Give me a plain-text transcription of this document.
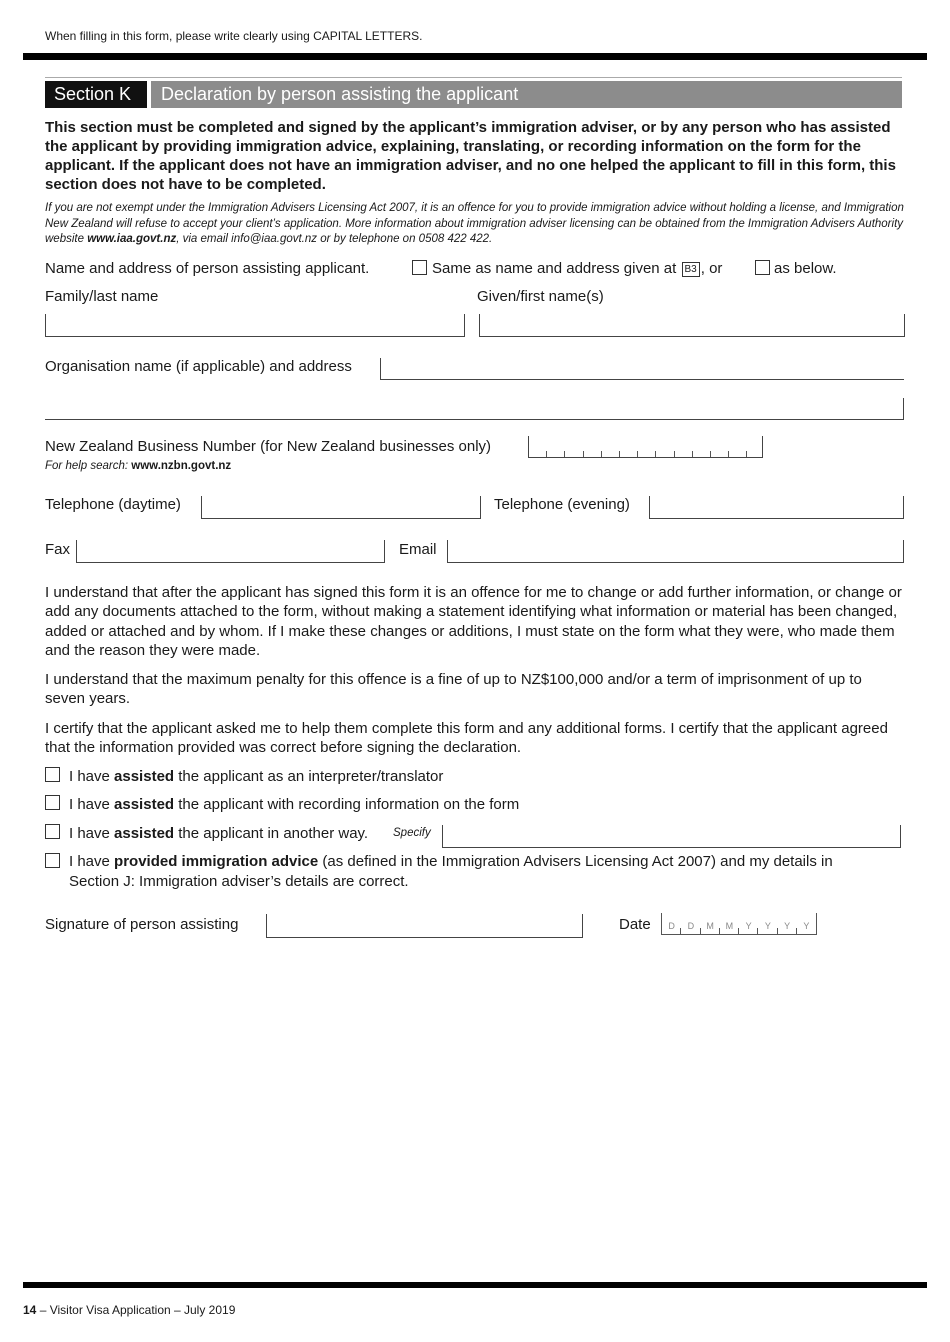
When filling in this form, please write clearly using CAPITAL LETTERS.
Section K	Declaration by person assisting the applicant
This section must be completed and signed by the applicant’s immigration adviser, or by any person who has assisted the applicant by providing immigration advice, explaining, translating, or recording information on the form for the applicant. If the applicant does not have an immigration adviser, and no one helped the applicant to fill in this form, this section does not have to be completed.
If you are not exempt under the Immigration Advisers Licensing Act 2007, it is an offence for you to provide immigration advice without holding a license, and Immigration New Zealand will refuse to accept your client’s application. More information about immigration adviser licensing can be obtained from the Immigration Advisers Authority website www.iaa.govt.nz, via email info@iaa.govt.nz or by telephone on 0508 422 422.
Name and address of person assisting applicant.	Same as name and address given at B3 , or	as below.
Family/last name	Given/first name(s)
Organisation name (if applicable) and address
New Zealand Business Number (for New Zealand businesses only)
For help search: www.nzbn.govt.nz
Telephone (daytime)	Telephone (evening)
Fax	Email
I understand that after the applicant has signed this form it is an offence for me to change or add further information, or change or add any documents attached to the form, without making a statement identifying what information or material has been changed, added or attached and by whom. If I make these changes or additions, I must state on the form what they were, who made them and the reason they were made.
I understand that the maximum penalty for this offence is a fine of up to NZ$100,000 and/or a term of imprisonment of up to seven years.
I certify that the applicant asked me to help them complete this form and any additional forms. I certify that the applicant agreed that the information provided was correct before signing the declaration.
I have assisted the applicant as an interpreter/translator
I have assisted the applicant with recording information on the form
I have assisted the applicant in another way. Specify
I have provided immigration advice (as defined in the Immigration Advisers Licensing Act 2007) and my details in
Section J: Immigration adviser’s details are correct.
Signature of person assisting	Date	D	D	M	M	Y	Y	Y	Y
14 – Visitor Visa Application – July 2019
